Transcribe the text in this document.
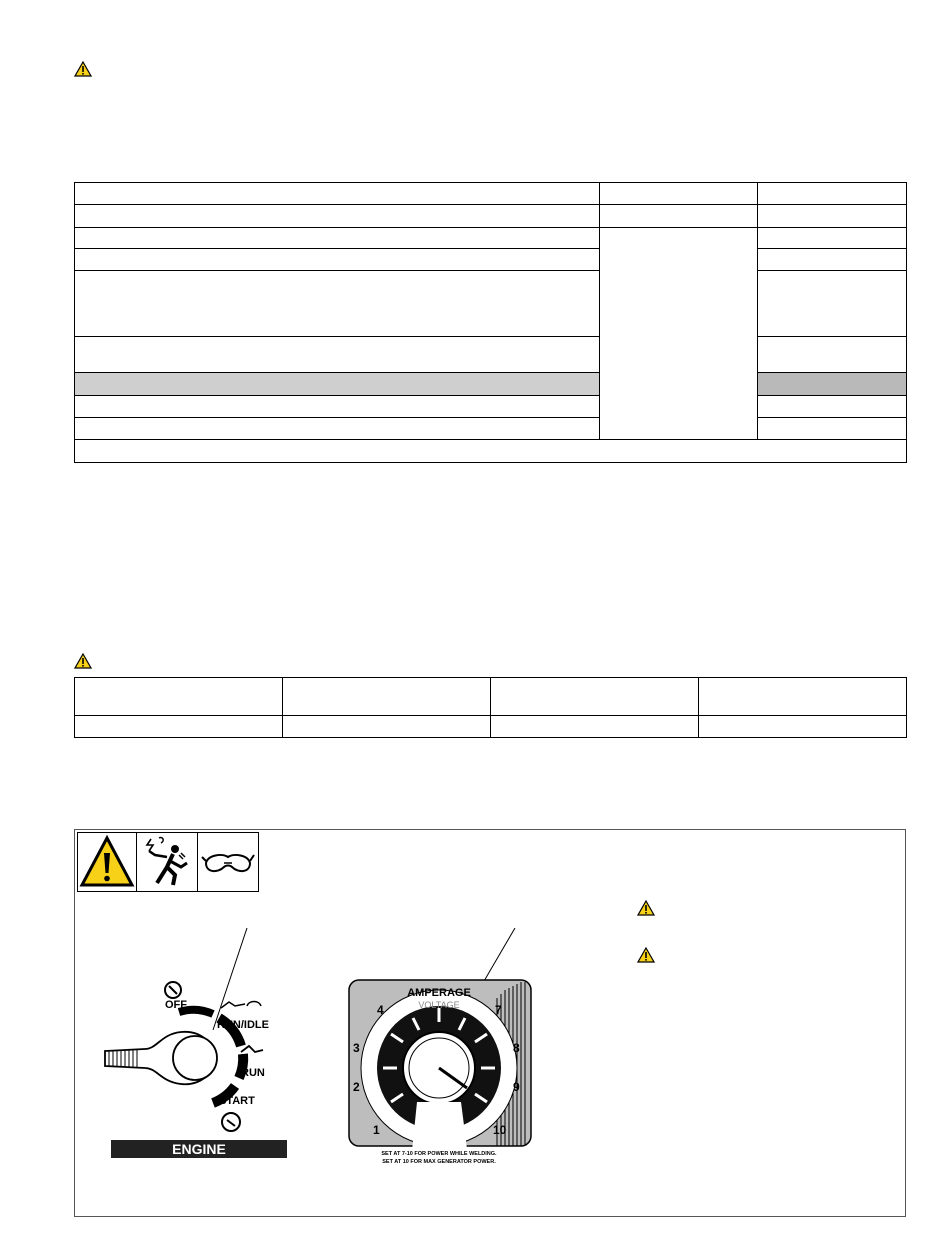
OFF
RUN/IDLE
RUN
START
ENGINE
AMPERAGE
VOLTAGE
1
2
3
4	7
8
9
10
SET AT 7-10 FOR POWER WHILE WELDING.
SET AT 10 FOR MAX GENERATOR POWER.
